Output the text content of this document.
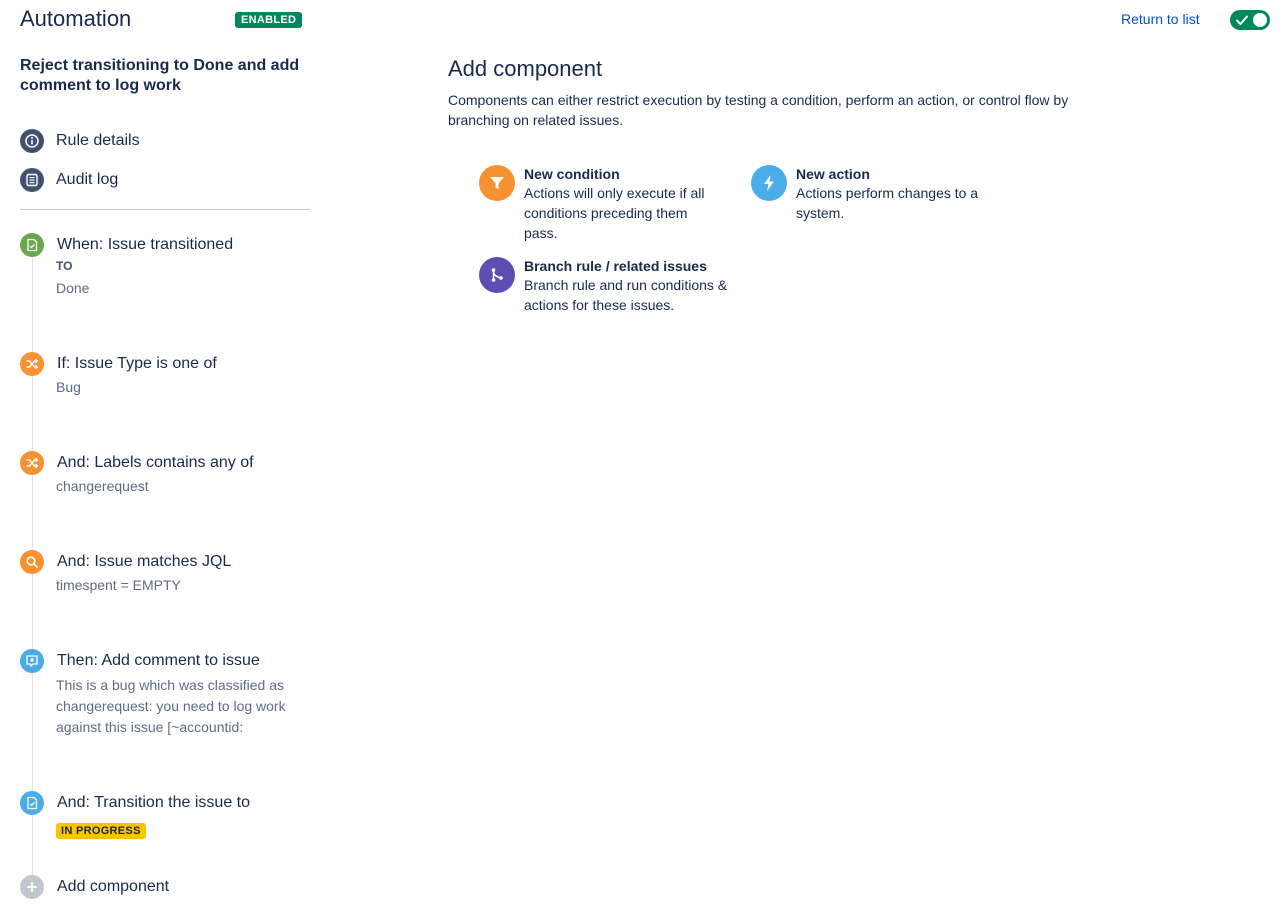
Automation	ENABLED	Return to list
Reject transitioning to Done and add comment to log work
Rule details
Audit log
When: Issue transitioned
TO
Done
If: Issue Type is one of
Bug
And: Labels contains any of
changerequest
And: Issue matches JQL
timespent = EMPTY
Then: Add comment to issue
This is a bug which was classified as changerequest: you need to log work against this issue [~accountid:
And: Transition the issue to
IN PROGRESS
Add component
Add component
Components can either restrict execution by testing a condition, perform an action, or control flow by branching on related issues.
New condition
Actions will only execute if all conditions preceding them pass.
New action
Actions perform changes to a system.
Branch rule / related issues
Branch rule and run conditions & actions for these issues.
